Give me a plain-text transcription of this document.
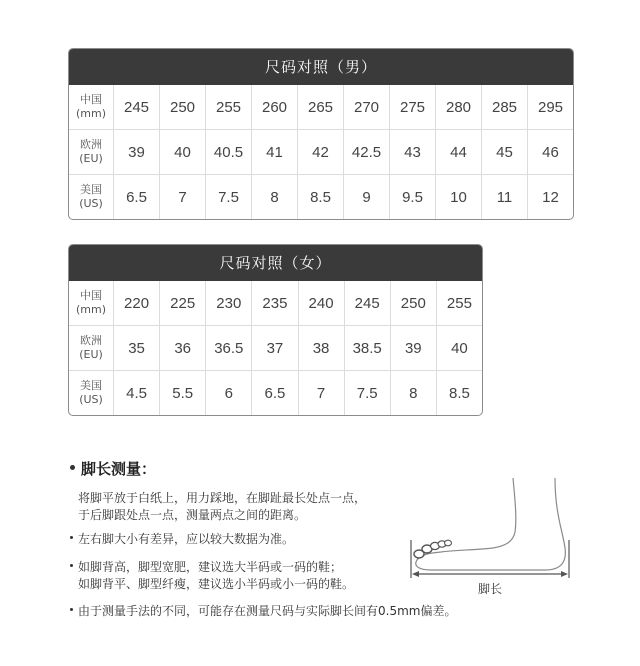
尺码对照（男）
中国
(mm)	245	250	255	260	265	270	275	280	285	295
欧洲
(EU)	39	40	40.5	41	42	42.5	43	44	45	46
美国
(US)	6.5	7	7.5	8	8.5	9	9.5	10	11	12
尺码对照（女）
中国
(mm)	220	225	230	235	240	245	250	255
欧洲
(EU)	35	36	36.5	37	38	38.5	39	40
美国
(US)	4.5	5.5	6	6.5	7	7.5	8	8.5
脚长测量：
将脚平放于白纸上，用力踩地，在脚趾最长处点一点，
于后脚跟处点一点，测量两点之间的距离。
左右脚大小有差异，应以较大数据为准。
如脚背高，脚型宽肥，建议选大半码或一码的鞋；
如脚背平、脚型纤瘦，建议选小半码或小一码的鞋。
由于测量手法的不同，可能存在测量尺码与实际脚长间有0.5mm偏差。
脚长
